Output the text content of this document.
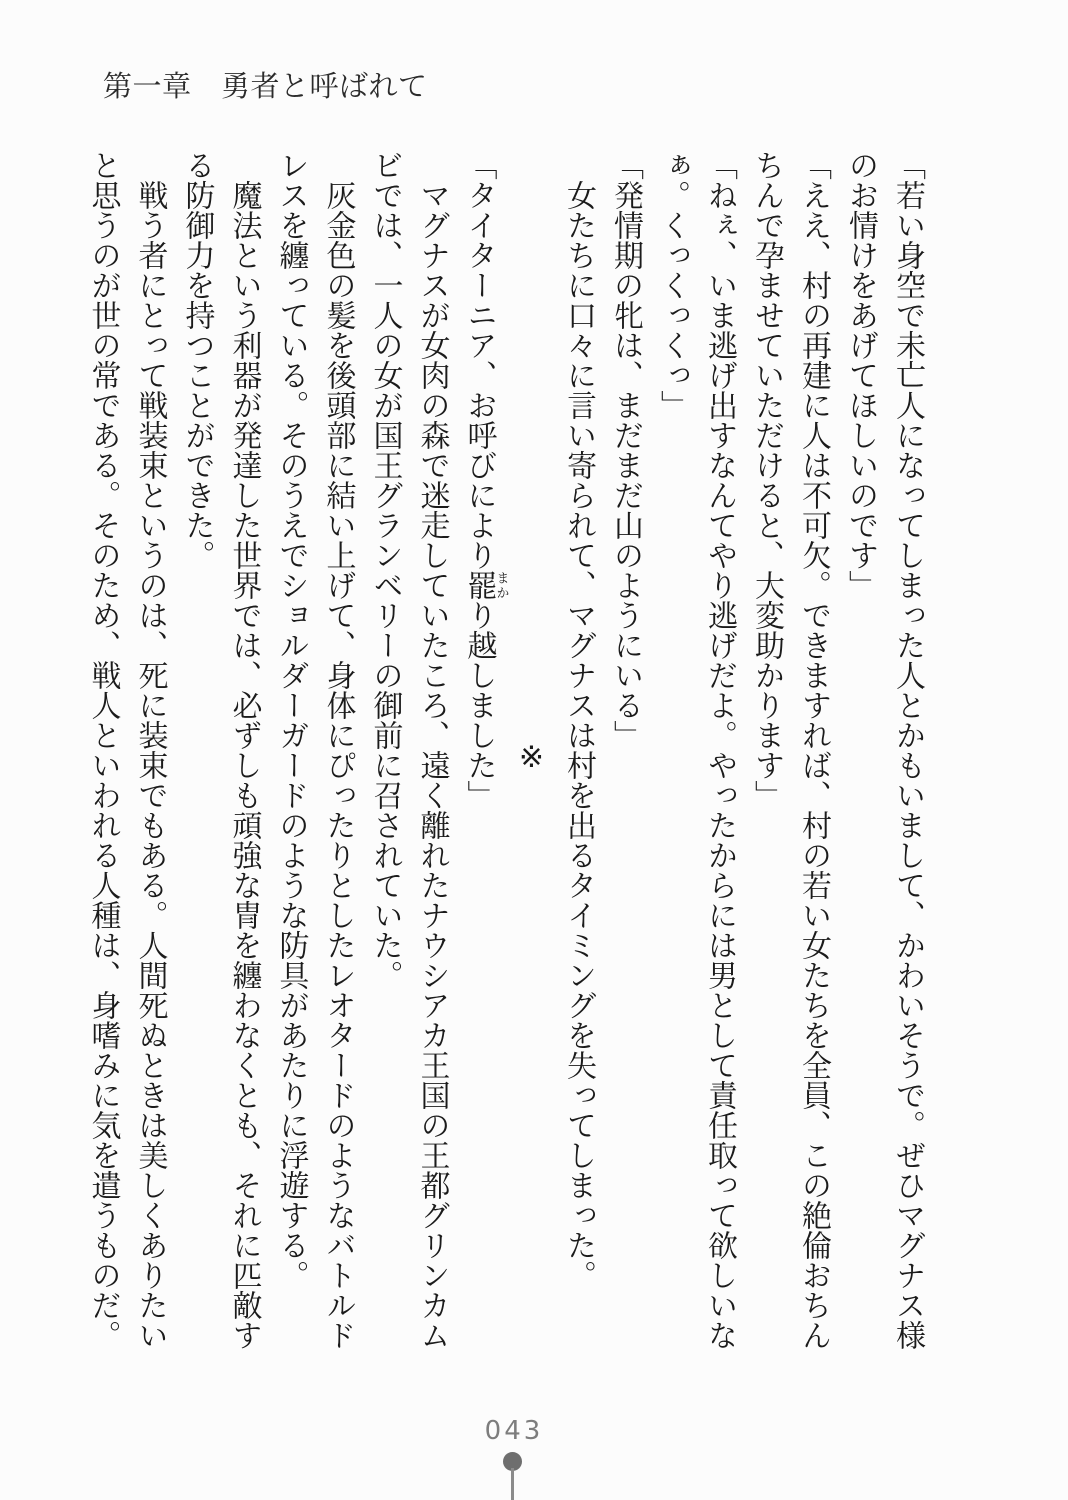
第一章　勇者と呼ばれて

「若い身空で未亡人になってしまった人とかもいまして、かわいそうで。ぜひマグナス様のお情けをあげてほしいのです」

「ええ、村の再建に人は不可欠。できますれば、村の若い女たちを全員、この絶倫おちんちんで孕ませていただけると、大変助かります」

「ねぇ、いま逃げ出すなんてやり逃げだよ。やったからには男として責任取って欲しいなぁ。くっくっくっ」

「発情期の牝は、まだまだ山のようにいる」

女たちに口々に言い寄られて、マグナスは村を出るタイミングを失ってしまった。

※

「タイターニア、お呼びにより罷まかり越しました」

マグナスが女肉の森で迷走していたころ、遠く離れたナウシアカ王国の王都グリンカムビでは、一人の女が国王グランベリーの御前に召されていた。

灰金色の髪を後頭部に結い上げて、身体にぴったりとしたレオタードのようなバトルドレスを纏っている。そのうえでショルダーガードのような防具があたりに浮遊する。

魔法という利器が発達した世界では、必ずしも頑強な冑を纏わなくとも、それに匹敵する防御力を持つことができた。

戦う者にとって戦装束というのは、死に装束でもある。人間死ぬときは美しくありたいと思うのが世の常である。そのため、戦人といわれる人種は、身嗜みに気を遣うものだ。

043
